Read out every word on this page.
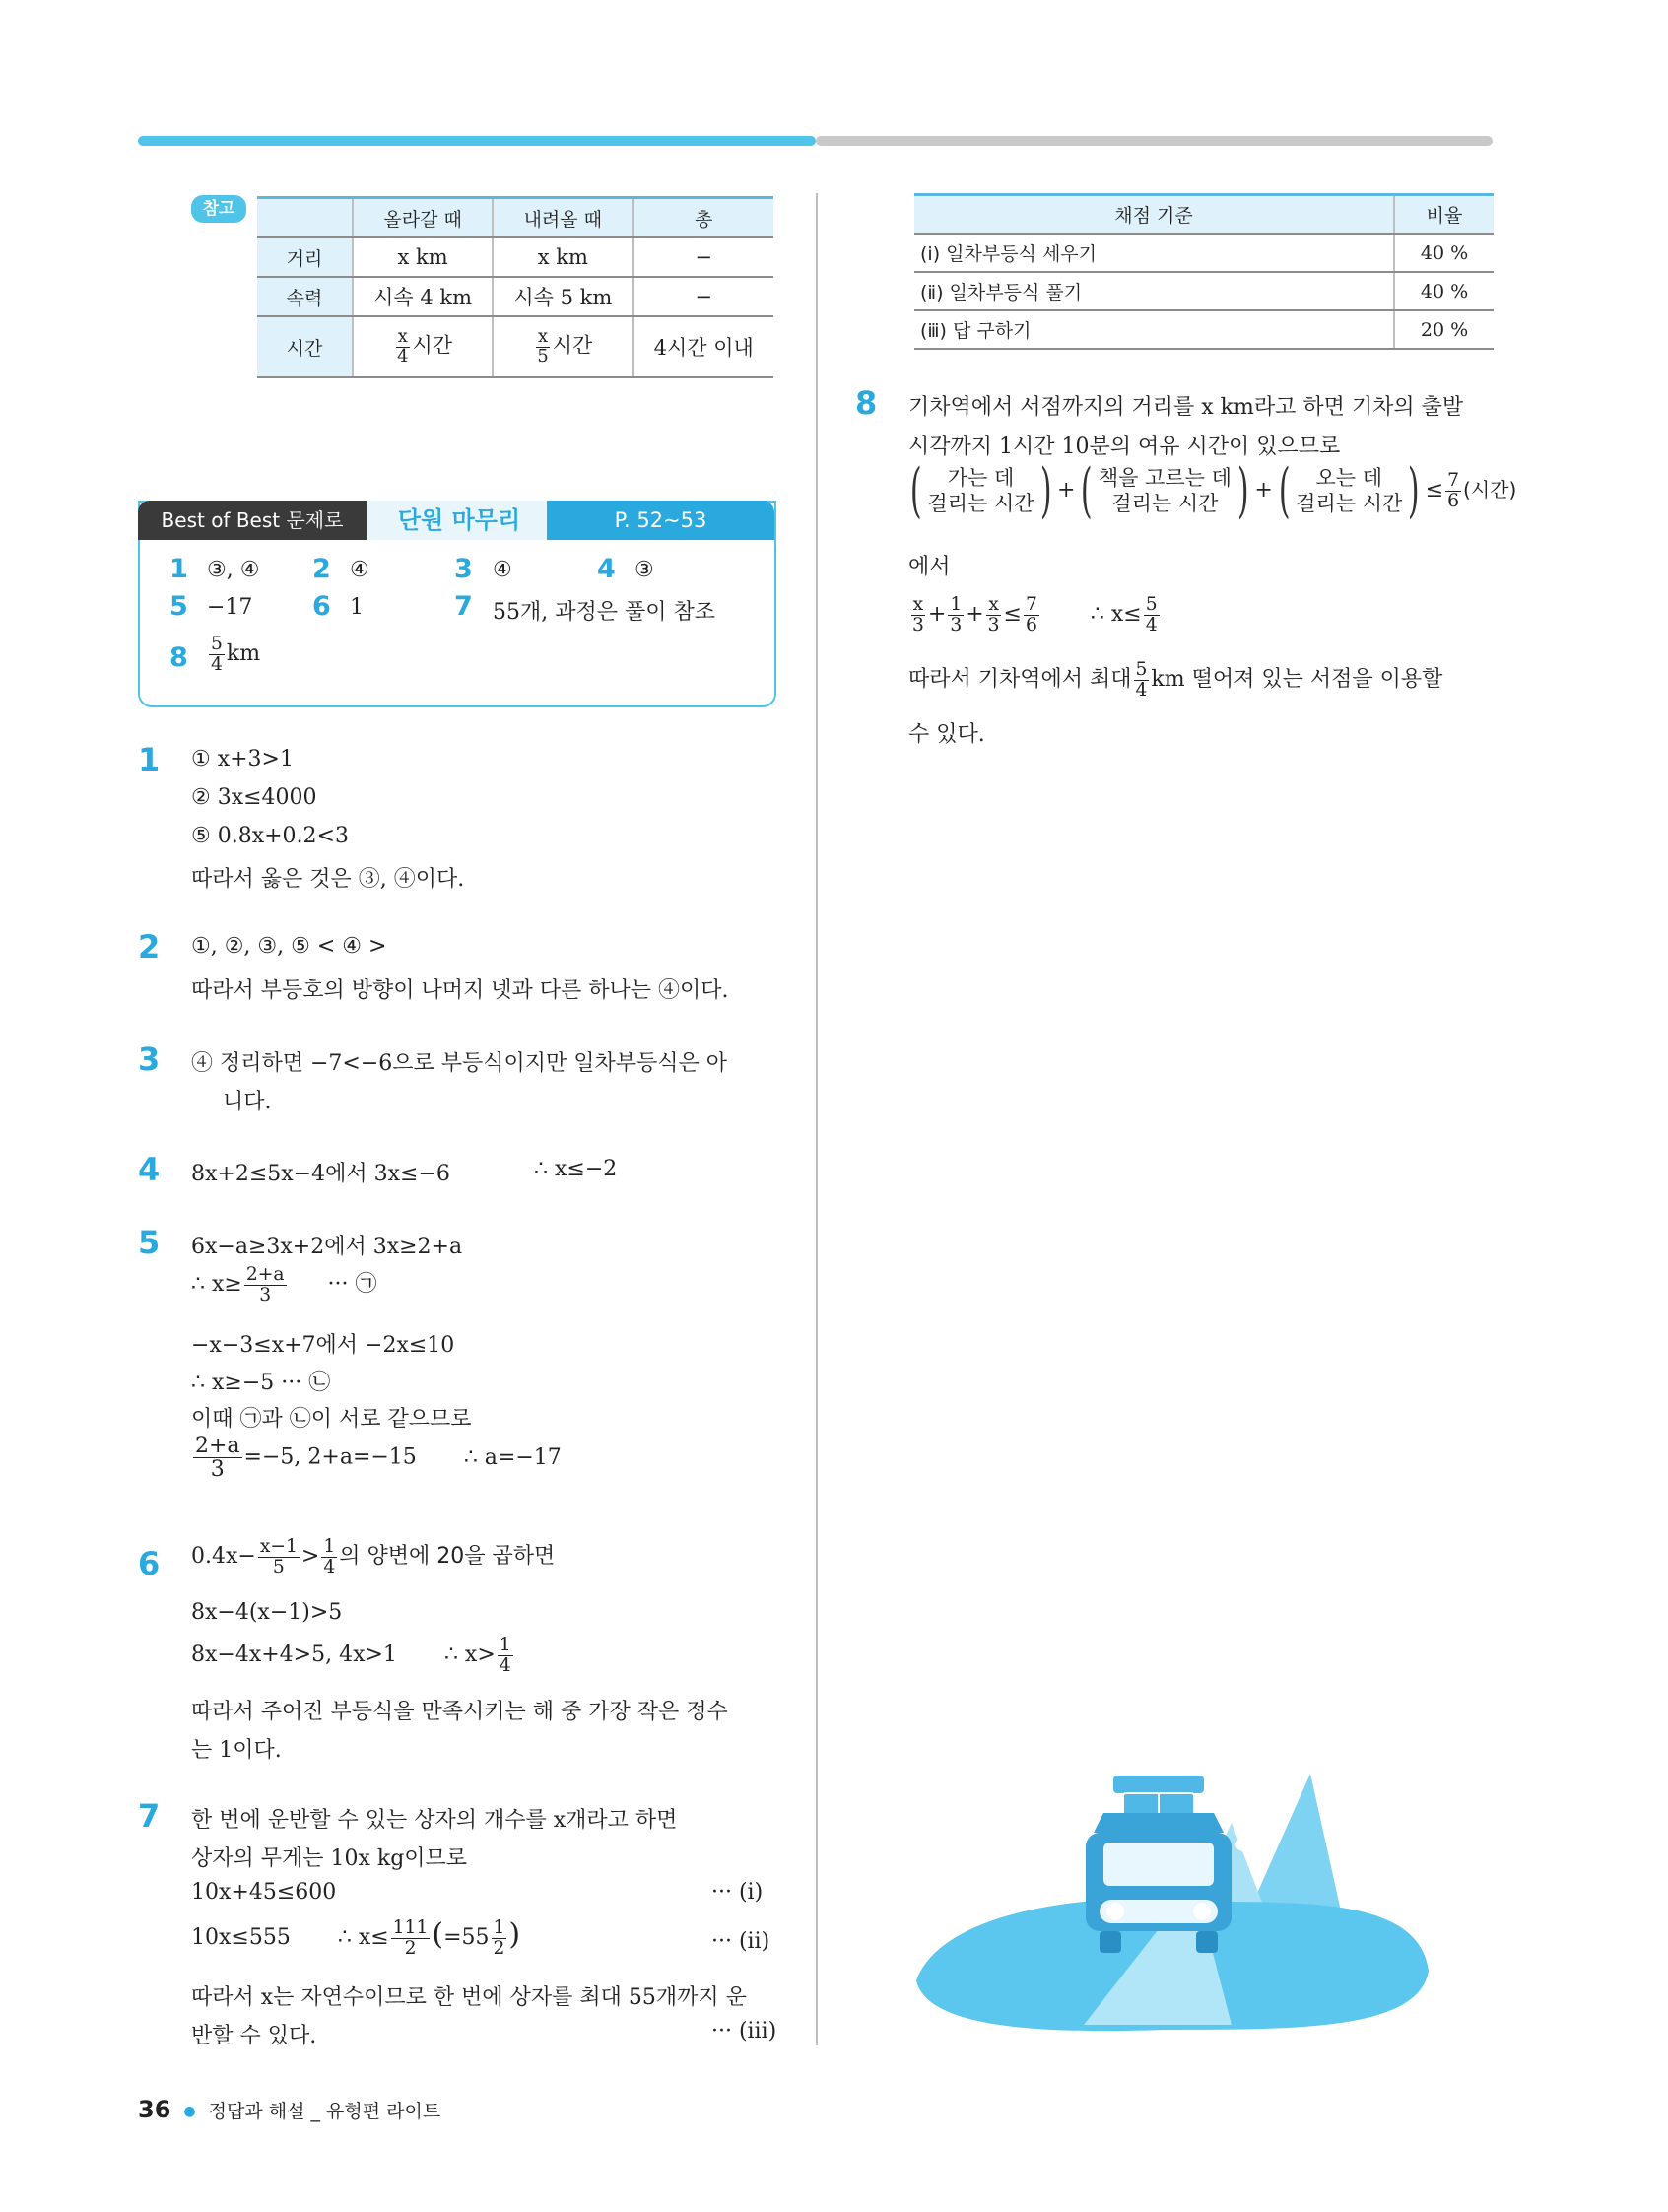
참고
		올라갈 때	내려올 때	총
거리	x km	x km	−
속력	시속 4 km	시속 5 km	−
시간	$\frac{x}{4}$ 시간	$\frac{x}{5}$ 시간	4시간 이내
채점 기준	비율
(ⅰ) 일차부등식 세우기	40 %
(ⅱ) 일차부등식 풀기	40 %
(ⅲ) 답 구하기	20 %
Best of Best 문제로	단원 마무리	P. 52~53
1 ③, ④ 2 ④	3 ④	4 ③
5 −17 6 1	7 55개, 과정은 풀이 참조
$8 \frac{5}{4}$ km
1 ① x+3>1
② 3x≤4000
⑤ 0.8x+0.2<3
따라서 옳은 것은 ③, ④이다.
2 ①, ②, ③, ⑤ < ④ >
따라서 부등호의 방향이 나머지 넷과 다른 하나는 ④이다.
3 ④ 정리하면 −7<−6으로 부등식이지만 일차부등식은 아
니다.
4 8x+2≤5x−4에서 3x≤−6	∴ x≤−2
5 6x−a≥3x+2에서 3x≥2+a
∴ $x\ge \frac{2+a}{3}$ ··· ㉠
−x−3≤x+7에서 −2x≤10
∴ x≥−5 ··· ㉡
이때 ㉠과 ㉡이 서로 같으므로
$\frac{2+a}{3} =-5$, 2+a=−15 ∴ a=−17
6 $0.4x- \frac{x-1}{5} > \frac{1}{4}$ 의 양변에 20을 곱하면
8x−4(x−1)>5
8x−4x+4>5, 4x>1 ∴ $x> \frac{1}{4}$
따라서 주어진 부등식을 만족시키는 해 중 가장 작은 정수
는 1이다.
7 한 번에 운반할 수 있는 상자의 개수를 x개라고 하면
상자의 무게는 10x kg이므로
10x+45≤600	··· (ⅰ)
10x≤555 ∴ $x\le \frac{111}{2} (=55 \frac{1}{2}$ )	··· (ⅱ)
따라서 x는 자연수이므로 한 번에 상자를 최대 55개까지 운
반할 수 있다.	··· (ⅲ)
8 기차역에서 서점까지의 거리를 x km라고 하면 기차의 출발
시각까지 1시간 10분의 여유 시간이 있으므로
( 가는 데
걸리는 시간 ) + ( 책을 고르는 데
걸리는 시간 ) + ( 오는 데
걸리는 시간 ) ≤ $\frac{7}{6}$ (시간)
에서
$\frac{x}{3} + \frac{1}{3} + \frac{x}{3} \le \frac{7}{6}$ ∴ $x\le \frac{5}{4}$
따라서 기차역에서 최대 $\frac{5}{4}$ km 떨어져 있는 서점을 이용할
수 있다.
+ +
+
36 ● 정답과 해설 _ 유형편 라이트
